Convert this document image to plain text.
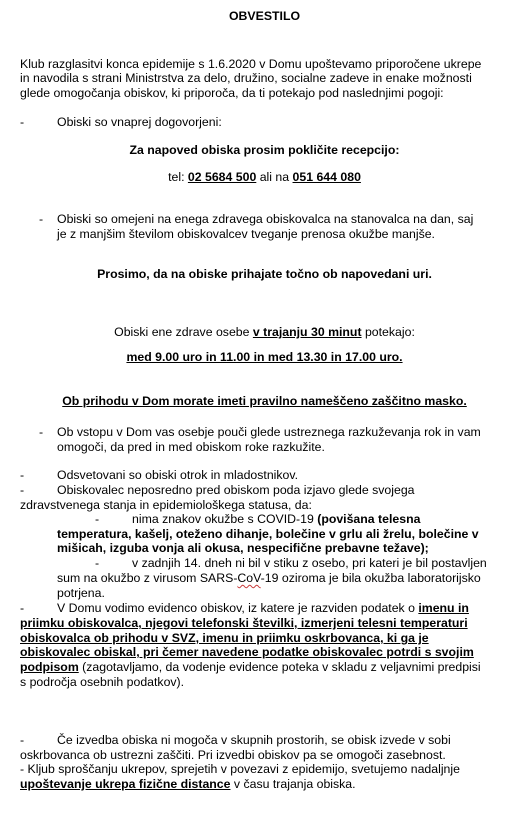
OBVESTILO
Klub razglasitvi konca epidemije s 1.6.2020 v Domu upoštevamo priporočene ukrepe
in navodila s strani Ministrstva za delo, družino, socialne zadeve in enake možnosti
glede omogočanja obiskov, ki priporoča, da ti potekajo pod naslednjimi pogoji:
-	Obiski so vnaprej dogovorjeni:
Za napoved obiska prosim pokličite recepcijo:
tel: 02 5684 500 ali na 051 644 080
- Obiski so omejeni na enega zdravega obiskovalca na stanovalca na dan, saj
je z manjšim številom obiskovalcev tveganje prenosa okužbe manjše.
Prosimo, da na obiske prihajate točno ob napovedani uri.
Obiski ene zdrave osebe v trajanju 30 minut potekajo:
med 9.00 uro in 11.00 in med 13.30 in 17.00 uro.
Ob prihodu v Dom morate imeti pravilno nameščeno zaščitno masko.
- Ob vstopu v Dom vas osebje pouči glede ustreznega razkuževanja rok in vam
omogoči, da pred in med obiskom roke razkužite.
-	Odsvetovani so obiski otrok in mladostnikov.
-	Obiskovalec neposredno pred obiskom poda izjavo glede svojega
zdravstvenega stanja in epidemiološkega statusa, da:
-	nima znakov okužbe s COVID-19 (povišana telesna
temperatura, kašelj, oteženo dihanje, bolečine v grlu ali žrelu, bolečine v
mišicah, izguba vonja ali okusa, nespecifične prebavne težave);
-	v zadnjih 14. dneh ni bil v stiku z osebo, pri kateri je bil postavljen
sum na okužbo z virusom SARS-CoV-19 oziroma je bila okužba laboratorijsko
potrjena.
-	V Domu vodimo evidenco obiskov, iz katere je razviden podatek o imenu in
priimku obiskovalca, njegovi telefonski številki, izmerjeni telesni temperaturi
obiskovalca ob prihodu v SVZ, imenu in priimku oskrbovanca, ki ga je
obiskovalec obiskal, pri čemer navedene podatke obiskovalec potrdi s svojim
podpisom (zagotavljamo, da vodenje evidence poteka v skladu z veljavnimi predpisi
s področja osebnih podatkov).
-	Če izvedba obiska ni mogoča v skupnih prostorih, se obisk izvede v sobi
oskrbovanca ob ustrezni zaščiti. Pri izvedbi obiskov pa se omogoči zasebnost.
- Kljub sproščanju ukrepov, sprejetih v povezavi z epidemijo, svetujemo nadaljnje
upoštevanje ukrepa fizične distance v času trajanja obiska.
